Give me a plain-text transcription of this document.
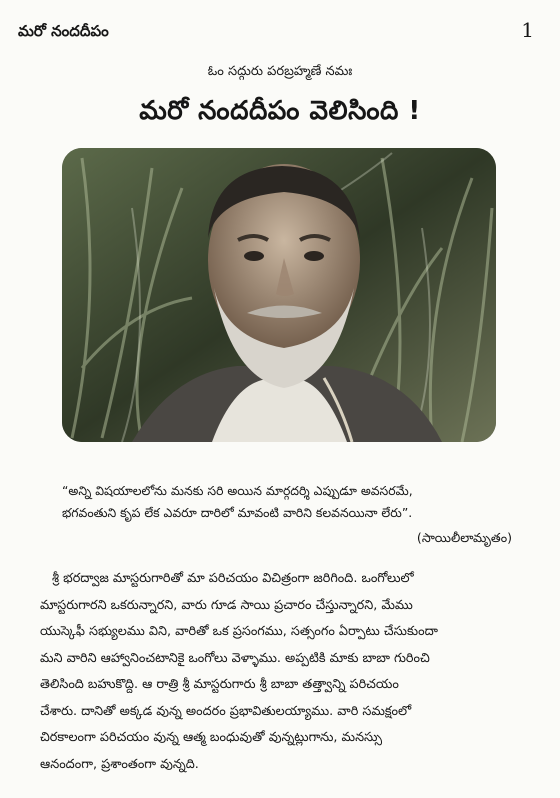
మరో నందదీపం	1
ఓం సద్గురు పరబ్రహ్మణే నమః
మరో నందదీపం వెలిసింది !

“అన్ని విషయాలలోను మనకు సరి అయిన మార్గదర్శి ఎప్పుడూ అవసరమే,

భగవంతుని కృప లేక ఎవరూ దారిలో మావంటి వారిని కలవనయినా లేరు”.

(సాయిలీలామృతం)

శ్రీ భరద్వాజ మాస్టరుగారితో మా పరిచయం విచిత్రంగా జరిగింది. ఒంగోలులో

మాస్టరుగారని ఒకరున్నారని, వారు గూడ సాయి ప్రచారం చేస్తున్నారని, మేము

యుస్కెఫీ సభ్యులము విని, వారితో ఒక ప్రసంగము, సత్సంగం ఏర్పాటు చేసుకుందా

మని వారిని ఆహ్వానించటానికై ఒంగోలు వెళ్ళాము. అప్పటికి మాకు బాబా గురించి

తెలిసింది బహుకొద్ది. ఆ రాత్రి శ్రీ మాస్టరుగారు శ్రీ బాబా తత్త్వాన్ని పరిచయం

చేశారు. దానితో అక్కడ వున్న అందరం ప్రభావితులయ్యాము. వారి సమక్షంలో

చిరకాలంగా పరిచయం వున్న ఆత్మ బంధువుతో వున్నట్లుగాను, మనస్సు

ఆనందంగా, ప్రశాంతంగా వున్నది.
